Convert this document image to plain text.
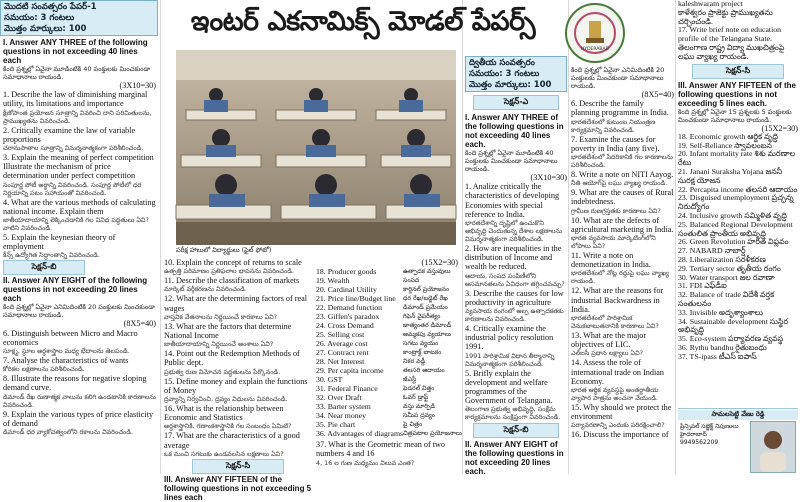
మొదటి సంవత్సరం పేపర్-1
సమయం: 3 గంటలు
మొత్తం మార్కులు: 100
I. Answer ANY THREE of the following questions in not exceeding 40 lines each
కింది ప్రశ్నల్లో ఏవైనా మూడింటికి 40 పంక్తులకు మించకుండా సమాధానాలు రాయండి.
(3X10=30)

1. Describe the law of diminishing marginal utility, its limitations and importance

క్షీణోపాంత ప్రయోజన సూత్రాన్ని వివరించి దాని పరిమితులను, ప్రాముఖ్యతను వివరించండి.

2. Critically examine the law of variable proportions

చరానుపాతాల సూత్రాన్ని విమర్శనాత్మకంగా పరిశీలించండి.

3. Explain the meaning of perfect competition Illustrate the mechanism of price determination under perfect competition

సంపూర్ణ పోటీ అర్థాన్ని వివరించండి. సంపూర్ణ పోటీలో ధర నిర్ణయాన్ని పటం సహాయంతో వివరించండి.

4. What are the various methods of calculating national income. Explain them

జాతీయాదాయాన్ని లెక్కించడానికి గల వివిధ పద్ధతులు ఏవి? వాటిని వివరించండి.

5. Explain the keynesian theory of employment

కీన్స్ ఉద్యోగిత సిద్ధాంతాన్ని వివరించండి.

సెక్షన్-బి
II. Answer ANY EIGHT of the following questions in not exceeding 20 lines each
కింది ప్రశ్నల్లో ఏవైనా ఎనిమిదింటికి 20 పంక్తులకు మించకుండా సమాధానాలు రాయండి.
(8X5=40)

6. Distinguish between Micro and Macro economics

సూక్ష్మ, స్థూల అర్థశాస్త్రాల మధ్య భేదాలను తెలపండి.

7. Analyse the characteristics of wants

కోరికల లక్షణాలను పరిశీలించండి.

8. Illustrate the reasons for negative sloping demand curve.

డిమాండ్ రేఖ రుణాత్మక వాలును కలిగి ఉండటానికి కారణాలను వివరించండి.

9. Explain the various types of price elasticity of demand

డిమాండ్ ధర వ్యాకోచత్వంలోని రకాలను వివరించండి.

ఇంటర్ ఎకనామిక్స్ మోడల్ పేపర్స్
HYDERABAD
పరీక్ష హాలులో విద్యార్థులు (ఫైల్ ఫోటో)

10. Explain the concept of returns to scale

ఉత్పత్తి పరిమాణం ప్రతిఫలాల భావనను వివరించండి.

11. Describe the classification of markets

మార్కెట్ వర్గీకరణను వివరించండి.

12. What are the determining factors of real wages

వాస్తవిక వేతనాలను నిర్ణయించే కారకాలు ఏవి?

13. What are the factors that determine National Income

జాతీయాదాయాన్ని నిర్ణయించే అంశాలు ఏవి?

14. Point out the Redemption Methods of Public dept.

ప్రభుత్వ రుణ విమోచన పద్ధతులను పేర్కొనండి.

15. Define money and explain the functions of Money

ద్రవ్యాన్ని నిర్వచించి, ద్రవ్యం విధులను వివరించండి.

16. What is the relationship between Economic and Statistics

అర్థశాస్త్రానికి, గణాంకశాస్త్రానికి గల సంబంధం ఏమిటి?

17. What are the characteristics of a good average

ఒక మంచి సగటుకు ఉండవలసిన లక్షణాలు ఏవి?

సెక్షన్-సి
III. Answer ANY FIFTEEN of the following questions in not exceeding 5 lines each
(15X2=30)
18. Producer goods	ఉత్పాదక వస్తువులు
19. Wealth	సంపద
20. Cardinal Utility	కార్డినల్ ప్రయోజనం
21. Price line/Budget line	ధర రేఖ/బడ్జెట్ రేఖ
22. Demand function	డిమాండ్ ప్రమేయం
23. Giffen's paradox	గిఫెన్ వైపరీత్యం
24. Cross Demand	జాత్యంతర డిమాండ్
25. Selling cost	అమ్మకపు వ్యయాలు
26. Average cost	సగటు వ్యయం
27. Contract rent	కాంట్రాక్ట్ బాటకం
28. Net Interest	నికర వడ్డీ
29. Per capita income	తలసరి ఆదాయం
30. GST	జీఎస్టీ
31. Federal Finance	ఫెడరల్ విత్తం
32. Over Draft	ఓవర్ డ్రాఫ్ట్
33. Barter system	వస్తు మార్పిడి
34. Near money	సమీప ద్రవ్యం
35. Pie chart	పై చిత్రం
36. Advantages of diagrams చిత్రపటాల ప్రయోజనాలు

37. What is the Geometric mean of two numbers 4 and 16

4, 16 ల గుణ మధ్యమం విలువ ఎంత?

ద్వితీయ సంవత్సరం
సమయం: 3 గంటలు
మొత్తం మార్కులు: 100
సెక్షన్-ఎ
I. Answer ANY THREE of the following questions in not exceeding 40 lines each.
కింది ప్రశ్నల్లో ఏవైనా మూడింటికి 40 పంక్తులకు మించకుండా సమాధానాలు రాయండి.
(3X10=30)

1. Analize critically the characteristics of developing Economies with special reference to India.

భారతదేశాన్ని దృష్టిలో ఉంచుకొని అభివృద్ధి చెందుతున్న దేశాల లక్షణాలను విమర్శనాత్మకంగా పరిశీలించండి.

2. How are inequalities in the distribution of Income and wealth be reduced.

ఆదాయ, సంపద పంపిణీలోని అసమానతలను ఏవిధంగా తగ్గించవచ్చు?

3. Describe the causes for low productivity in agriculture

వ్యవసాయ రంగంలో అల్ప ఉత్పాదకతకు కారణాలను వివరించండి.

4. Critically examine the industrial policy resolution 1991.

1991 పారిశ్రామిక విధాన తీర్మానాన్ని విమర్శనాత్మకంగా పరిశీలించండి.

5. Brifly explain the development and welfare programmes of the Government of Telangana.

తెలంగాణ ప్రభుత్వ అభివృద్ధి, సంక్షేమ కార్యక్రమాలను సంక్షిప్తంగా వివరించండి.

సెక్షన్-బి
II. Answer ANY EIGHT of the following questions in not exceeding 20 lines each.
కింది ప్రశ్నల్లో ఏవైనా ఎనిమిదింటికి 20 పంక్తులకు మించకుండా సమాధానాలు రాయండి.
(8X5=40)

6. Describe the family planning programme in India.

భారతదేశంలో కుటుంబ నియంత్రణ కార్యక్రమాన్ని వివరించండి.

7. Examine the causes for poverty in India (any five).

భారతదేశంలో పేదరికానికి గల కారణాలను పరిశీలించండి.

8. Write a note on NITI Aayog.

నీతి ఆయోగ్‌పై లఘు వ్యాఖ్య రాయండి.

9. What are the causes of Rural indebtedness.

గ్రామీణ రుణగ్రస్తతకు కారణాలు ఏవి?

10. What are the defects of agricultural marketing in India.

భారత వ్యవసాయ మార్కెటింగ్‌లోని లోపాలు ఏవి?

11. Write a note on demonetization in India.

భారతదేశంలో నోట్ల రద్దుపై లఘు వ్యాఖ్య రాయండి.

12. What are the reasons for industrial Backwardness in India.

భారతదేశంలో పారిశ్రామిక వెనుకబాటుతనానికి కారణాలు ఏవి?

13. What are the major objectives of LIC.

ఎల్ఐసీ ప్రధాన లక్ష్యాలు ఏవి?

14. Assess the role of international trade on Indian Economy.

భారత ఆర్థిక వ్యవస్థపై అంతర్జాతీయ వ్యాపార పాత్రను అంచనా వేయండి.

15. Why should we protect the environment

పర్యావరణాన్ని ఎందుకు పరిరక్షించాలి?

16. Discuss the importance of

kaleshwaram project
కాళేశ్వరం ప్రాజెక్టు ప్రాముఖ్యతను చర్చించండి.
17. Write brief note on education profile of the Telangana State.
తెలంగాణ రాష్ట్ర విద్యా ముఖచిత్రంపై లఘు వ్యాఖ్య రాయండి.
సెక్షన్-సి
III. Answer ANY FIFTEEN of the following questions in not exceeding 5 lines each.
కింది ప్రశ్నల్లో ఏవైనా 15 ప్రశ్నలకు 5 పంక్తులకు మించకుండా సమాధానాలు రాయండి.
(15X2=30)
18. Economic growth ఆర్థిక వృద్ధి
19. Self-Reliance స్వావలంబన
20. Infant mortality rate శిశు మరణాల రేటు
21. Janani Suraksha Yojana జననీ సురక్ష యోజన
22. Percapita income తలసరి ఆదాయం
23. Disguised unemployment ప్రచ్ఛన్న నిరుద్యోగం
24. Inclusive growth సమ్మిళిత వృద్ధి
25. Balanced Regional Development సంతులిత ప్రాంతీయ అభివృద్ధి
26. Green Revolution హరిత విప్లవం
27. NABARD నాబార్డ్
28. Liberalization సరళీకరణ
29. Tertiary sector తృతీయ రంగం
30. Water transport జల రవాణా
31. FDI ఎఫ్‌డీఐ
32. Balance of trade విదేశీ వర్తక సంతులనం
33. Invisible అదృశ్యాంశాలు
34. Sustainable development సుస్థిర అభివృద్ధి
35. Eco-system పర్యావరణ వ్యవస్థ
36. Rythu bandhu రైతుబంధు
37. TS-ipass టీఎస్ ఐపాస్
సామలసెట్టి వేణు రెడ్డి
ప్రిన్సిపల్ సబ్జెక్ట్ నిపుణులు
హైదరాబాద్
9949562209
